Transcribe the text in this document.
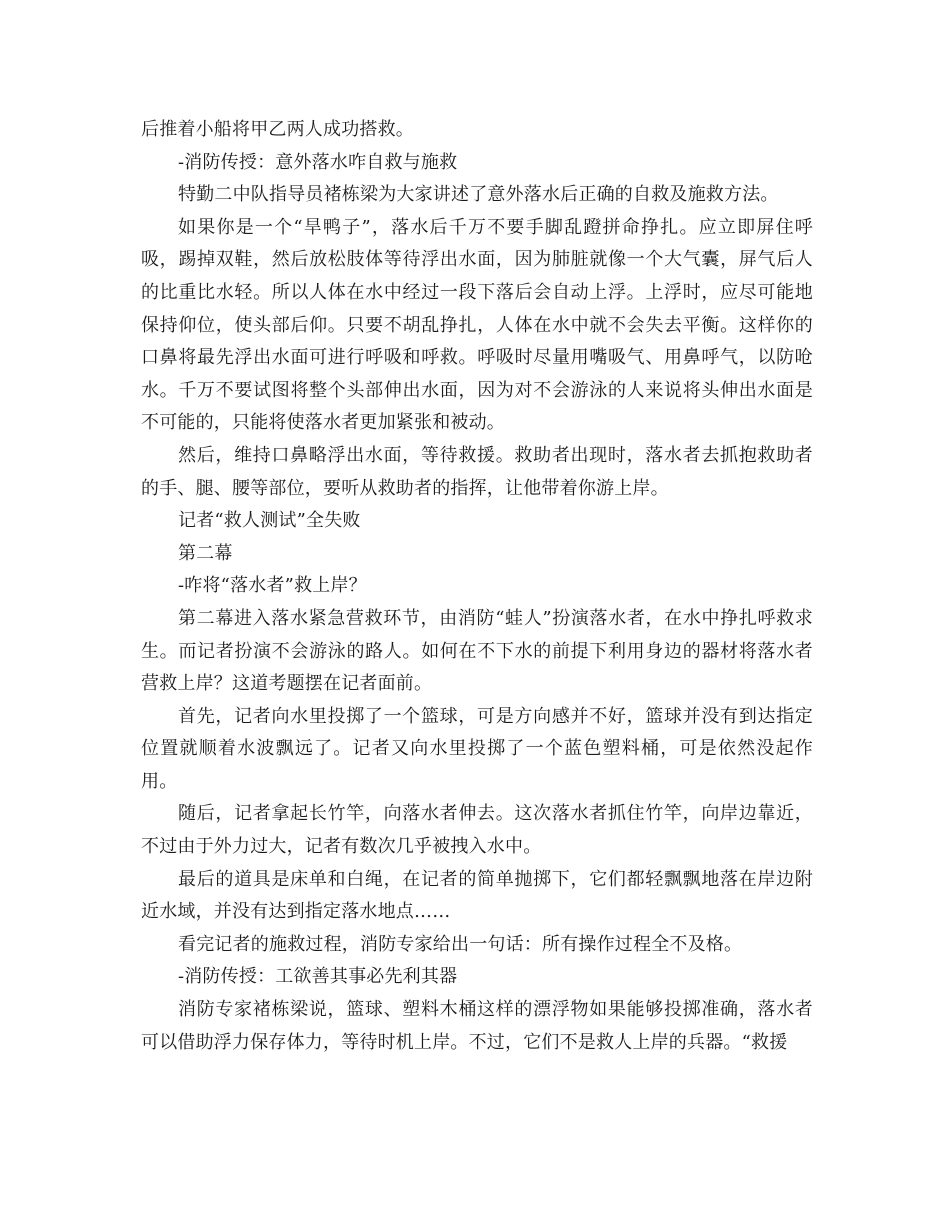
后推着小船将甲乙两人成功搭救。

-消防传授：意外落水咋自救与施救

特勤二中队指导员褚栋梁为大家讲述了意外落水后正确的自救及施救方法。

如果你是一个“旱鸭子”，落水后千万不要手脚乱蹬拼命挣扎。应立即屏住呼吸，踢掉双鞋，然后放松肢体等待浮出水面，因为肺脏就像一个大气囊，屏气后人的比重比水轻。所以人体在水中经过一段下落后会自动上浮。上浮时，应尽可能地保持仰位，使头部后仰。只要不胡乱挣扎，人体在水中就不会失去平衡。这样你的口鼻将最先浮出水面可进行呼吸和呼救。呼吸时尽量用嘴吸气、用鼻呼气，以防呛水。千万不要试图将整个头部伸出水面，因为对不会游泳的人来说将头伸出水面是不可能的，只能将使落水者更加紧张和被动。

然后，维持口鼻略浮出水面，等待救援。救助者出现时，落水者去抓抱救助者的手、腿、腰等部位，要听从救助者的指挥，让他带着你游上岸。

记者“救人测试”全失败

第二幕

-咋将“落水者”救上岸？

第二幕进入落水紧急营救环节，由消防“蛙人”扮演落水者，在水中挣扎呼救求生。而记者扮演不会游泳的路人。如何在不下水的前提下利用身边的器材将落水者营救上岸？这道考题摆在记者面前。

首先，记者向水里投掷了一个篮球，可是方向感并不好，篮球并没有到达指定位置就顺着水波飘远了。记者又向水里投掷了一个蓝色塑料桶，可是依然没起作用。

随后，记者拿起长竹竿，向落水者伸去。这次落水者抓住竹竿，向岸边靠近，不过由于外力过大，记者有数次几乎被拽入水中。

最后的道具是床单和白绳，在记者的简单抛掷下，它们都轻飘飘地落在岸边附近水域，并没有达到指定落水地点……

看完记者的施救过程，消防专家给出一句话：所有操作过程全不及格。

-消防传授：工欲善其事必先利其器

消防专家褚栋梁说，篮球、塑料木桶这样的漂浮物如果能够投掷准确，落水者可以借助浮力保存体力，等待时机上岸。不过，它们不是救人上岸的兵器。“救援
